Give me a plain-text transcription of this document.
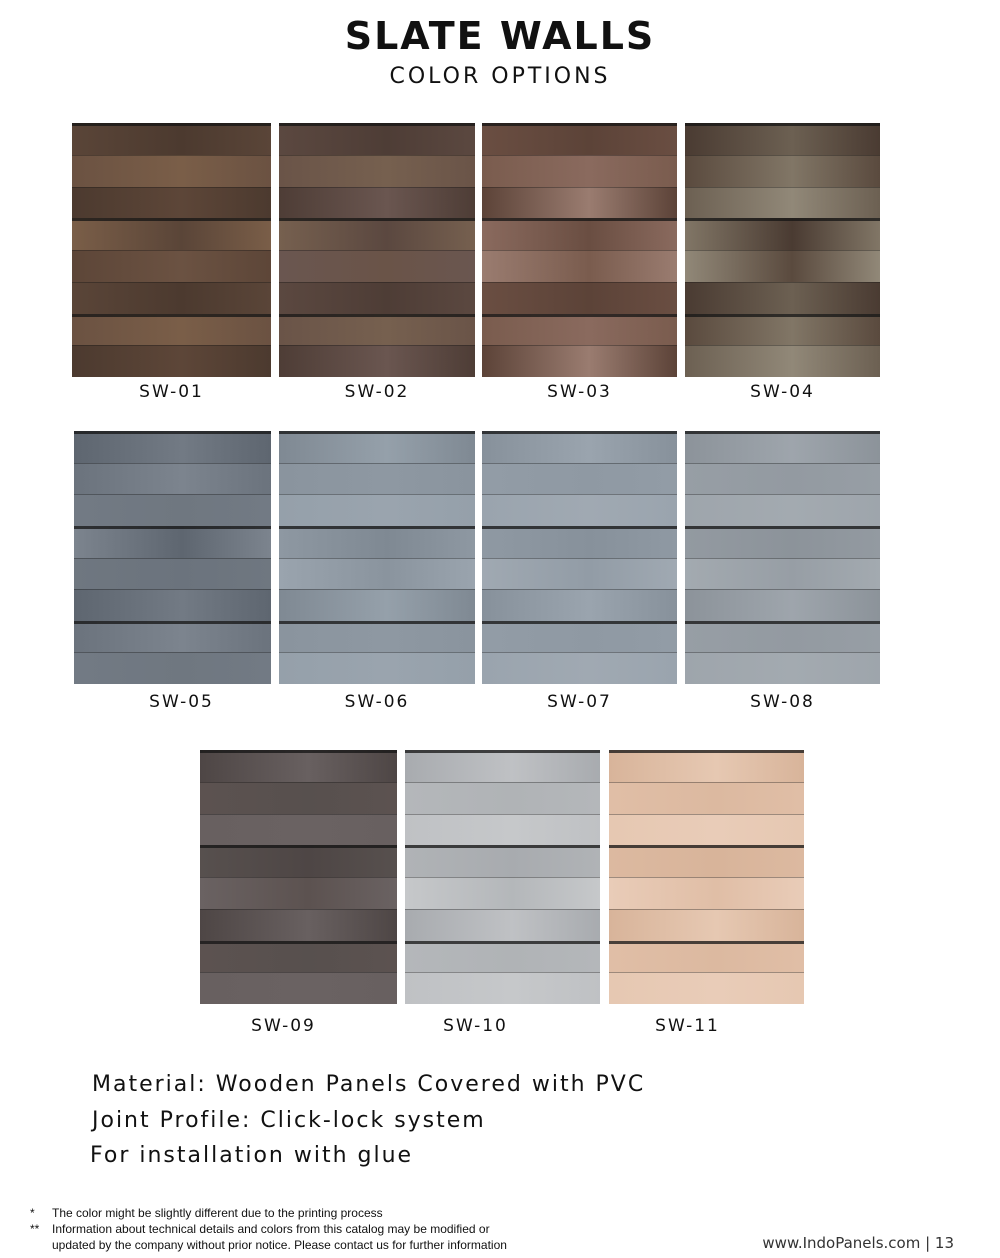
SLATE WALLS
COLOR OPTIONS
SW-01	SW-02	SW-03	SW-04
SW-05	SW-06	SW-07	SW-08
SW-09	SW-10	SW-11
Material: Wooden Panels Covered with PVC
Joint Profile: Click-lock system
For installation with glue
* The color might be slightly different due to the printing process
** Information about technical details and colors from this catalog may be modified or
updated by the company without prior notice. Please contact us for further information	www.IndoPanels.com | 13
